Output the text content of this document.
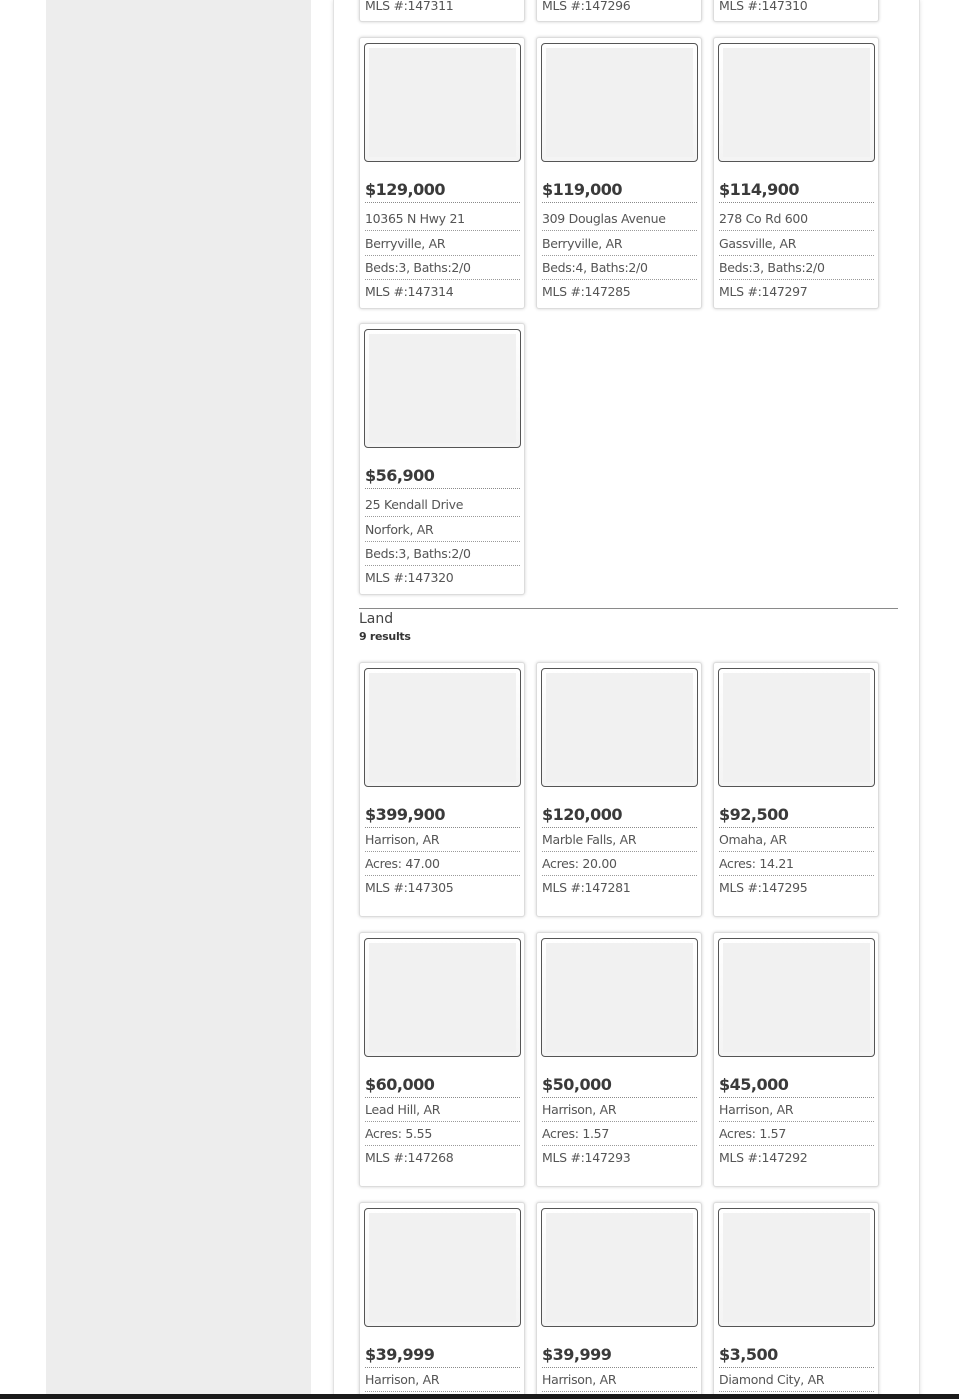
MLS #:147311	MLS #:147296	MLS #:147310
$129,000
10365 N Hwy 21
Berryville, AR
Beds:3, Baths:2/0
MLS #:147314
$119,000
309 Douglas Avenue
Berryville, AR
Beds:4, Baths:2/0
MLS #:147285
$114,900
278 Co Rd 600
Gassville, AR
Beds:3, Baths:2/0
MLS #:147297
$56,900
25 Kendall Drive
Norfork, AR
Beds:3, Baths:2/0
MLS #:147320
Land
9 results
$399,900
Harrison, AR
Acres: 47.00
MLS #:147305
$120,000
Marble Falls, AR
Acres: 20.00
MLS #:147281
$92,500
Omaha, AR
Acres: 14.21
MLS #:147295
$60,000
Lead Hill, AR
Acres: 5.55
MLS #:147268
$50,000
Harrison, AR
Acres: 1.57
MLS #:147293
$45,000
Harrison, AR
Acres: 1.57
MLS #:147292
$39,999
Harrison, AR
$39,999
Harrison, AR
$3,500
Diamond City, AR
